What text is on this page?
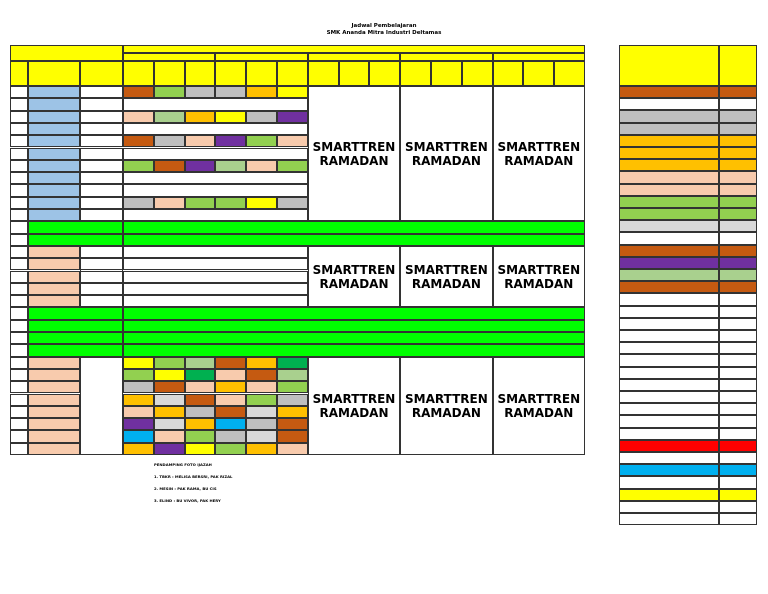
Jadwal Pembelajaran
SMK Ananda Mitra Industri Deltamas
SMARTTREN
RAMADAN
SMARTTREN
RAMADAN
SMARTTREN
RAMADAN
SMARTTREN
RAMADAN
SMARTTREN
RAMADAN
SMARTTREN
RAMADAN
SMARTTREN
RAMADAN
SMARTTREN
RAMADAN
SMARTTREN
RAMADAN
PENDAMPING FOTO IJAZAH
1. TBKR : MELISA BERSRI, PAK RIZAL
2. MESIN : PAK RAMA, BU CIS
3. ELIND : BU VIVOR, PAK HERY
